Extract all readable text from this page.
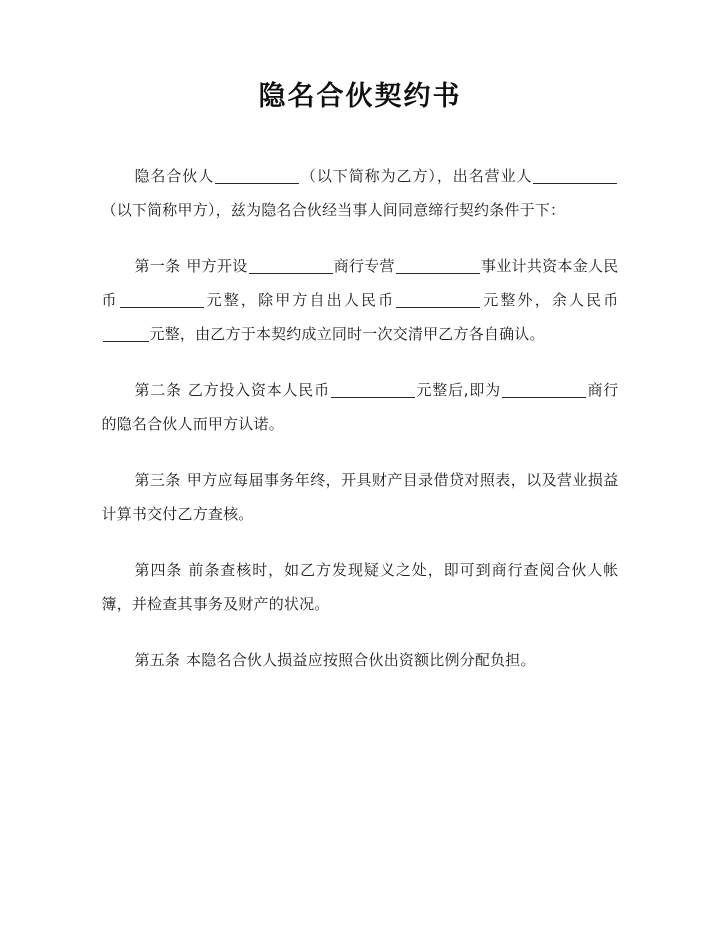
隐名合伙契约书

隐名合伙人	（以下简称为乙方），出名营业人（以下简称甲方），兹为隐名合伙经当事人间同意缔行契约条件于下：

第一条 甲方开设	商行专营	事业计共资本金人民币	元整，除甲方自出人民币	元整外，余人民币元整，由乙方于本契约成立同时一次交清甲乙方各自确认。

第二条 乙方投入资本人民币	元整后,即为	商行的隐名合伙人而甲方认诺。

第三条 甲方应每届事务年终，开具财产目录借贷对照表，以及营业损益计算书交付乙方查核。

第四条 前条查核时，如乙方发现疑义之处，即可到商行查阅合伙人帐簿，并检查其事务及财产的状况。

第五条 本隐名合伙人损益应按照合伙出资额比例分配负担。
